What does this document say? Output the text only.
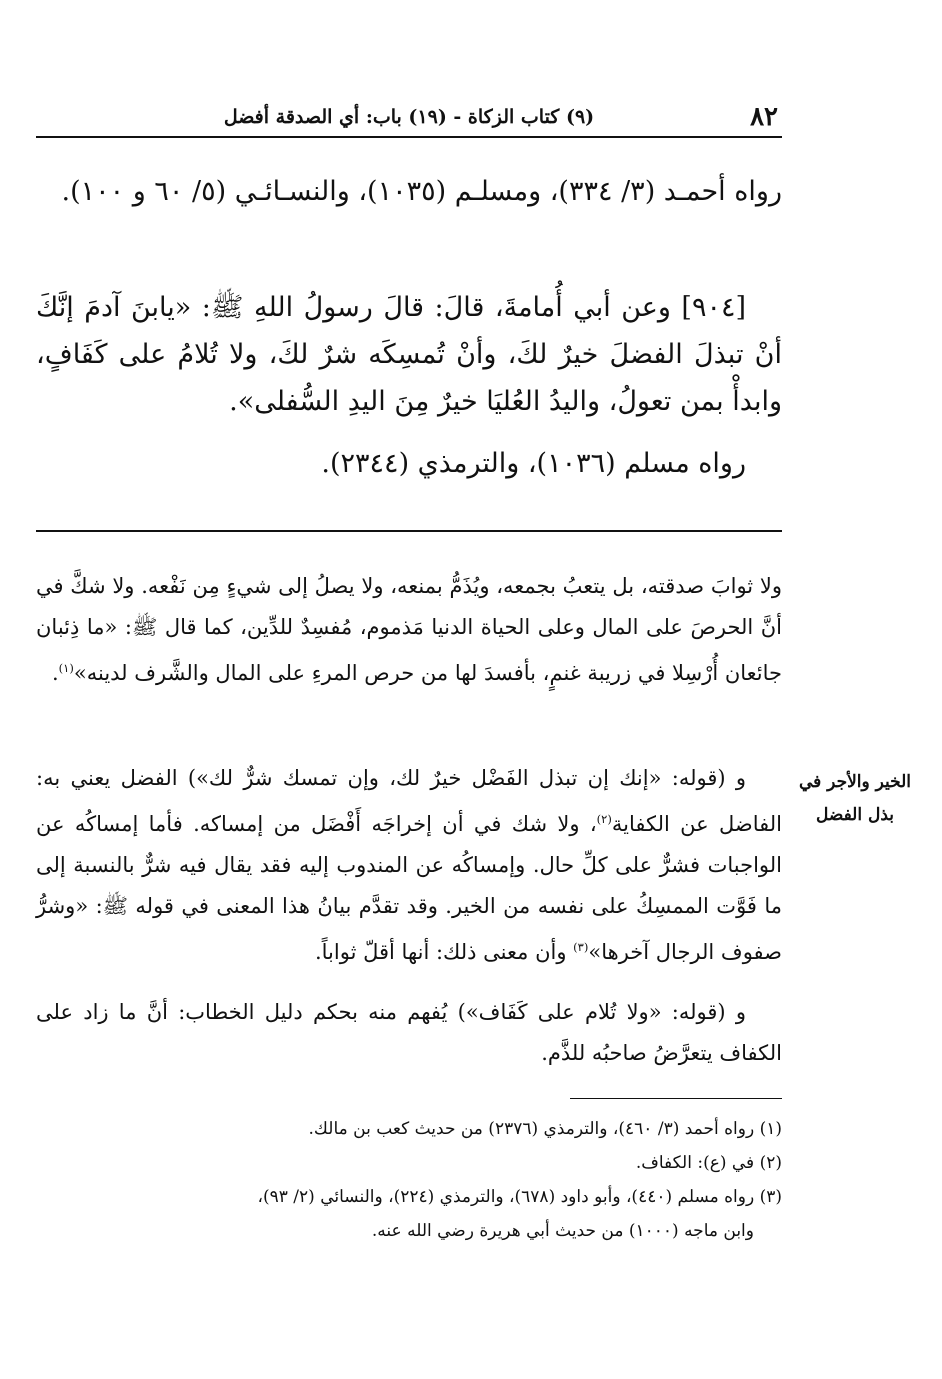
٨٢
(٩) كتاب الزكاة - (١٩) باب: أي الصدقة أفضل

رواه أحمـد (٣/ ٣٣٤)، ومسلـم (١٠٣٥)، والنسـائـي (٥/ ٦٠ و ١٠٠).

[٩٠٤] وعن أبي أُمامةَ، قالَ: قالَ رسولُ اللهِ ﷺ: «يابنَ آدمَ إنَّكَ أنْ تبذلَ الفضلَ خيرٌ لكَ، وأنْ تُمسِكَه شرٌ لكَ، ولا تُلامُ على كَفَافٍ، وابدأْ بمن تعولُ، واليدُ العُليَا خيرٌ مِنَ اليدِ السُّفلى».

رواه مسلم (١٠٣٦)، والترمذي (٢٣٤٤).

ولا ثوابَ صدقته، بل يتعبُ بجمعه، ويُذَمُّ بمنعه، ولا يصلُ إلى شيءٍ مِن نَفْعه. ولا شكَّ في أنَّ الحرصَ على المال وعلى الحياة الدنيا مَذموم، مُفسِدٌ للدِّين، كما قال ﷺ: «ما ذِئبان جائعان أُرْسِلا في زريبة غنمٍ، بأفسدَ لها من حرص المرءِ على المال والشَّرف لدينه»$^{(١)}$.

و (قوله: «إنك إن تبذل الفَضْل خيرٌ لك، وإن تمسك شرٌّ لك») الفضل يعني به: الفاضل عن الكفاية$^{(٢)}$، ولا شك في أن إخراجَه أَفْضَل من إمساكه. فأما إمساكُه عن الواجبات فشرٌّ على كلِّ حال. وإمساكُه عن المندوب إليه فقد يقال فيه شرٌّ بالنسبة إلى ما فَوَّت الممسِكُ على نفسه من الخير. وقد تقدَّم بيانُ هذا المعنى في قوله ﷺ: «وشرُّ صفوف الرجال آخرها»$^{(٣)}$ وأن معنى ذلك: أنها أقلّ ثواباً.

الخير والأجر في بذل الفضل

و (قوله: «ولا تُلام على كَفَاف») يُفهم منه بحكم دليل الخطاب: أنَّ ما زاد على الكفاف يتعرَّضُ صاحبُه للذَّم.

(١) رواه أحمد (٣/ ٤٦٠)، والترمذي (٢٣٧٦) من حديث كعب بن مالك.

(٢) في (ع): الكفاف.

(٣) رواه مسلم (٤٤٠)، وأبو داود (٦٧٨)، والترمذي (٢٢٤)، والنسائي (٢/ ٩٣)،

وابن ماجه (١٠٠٠) من حديث أبي هريرة رضي الله عنه.
